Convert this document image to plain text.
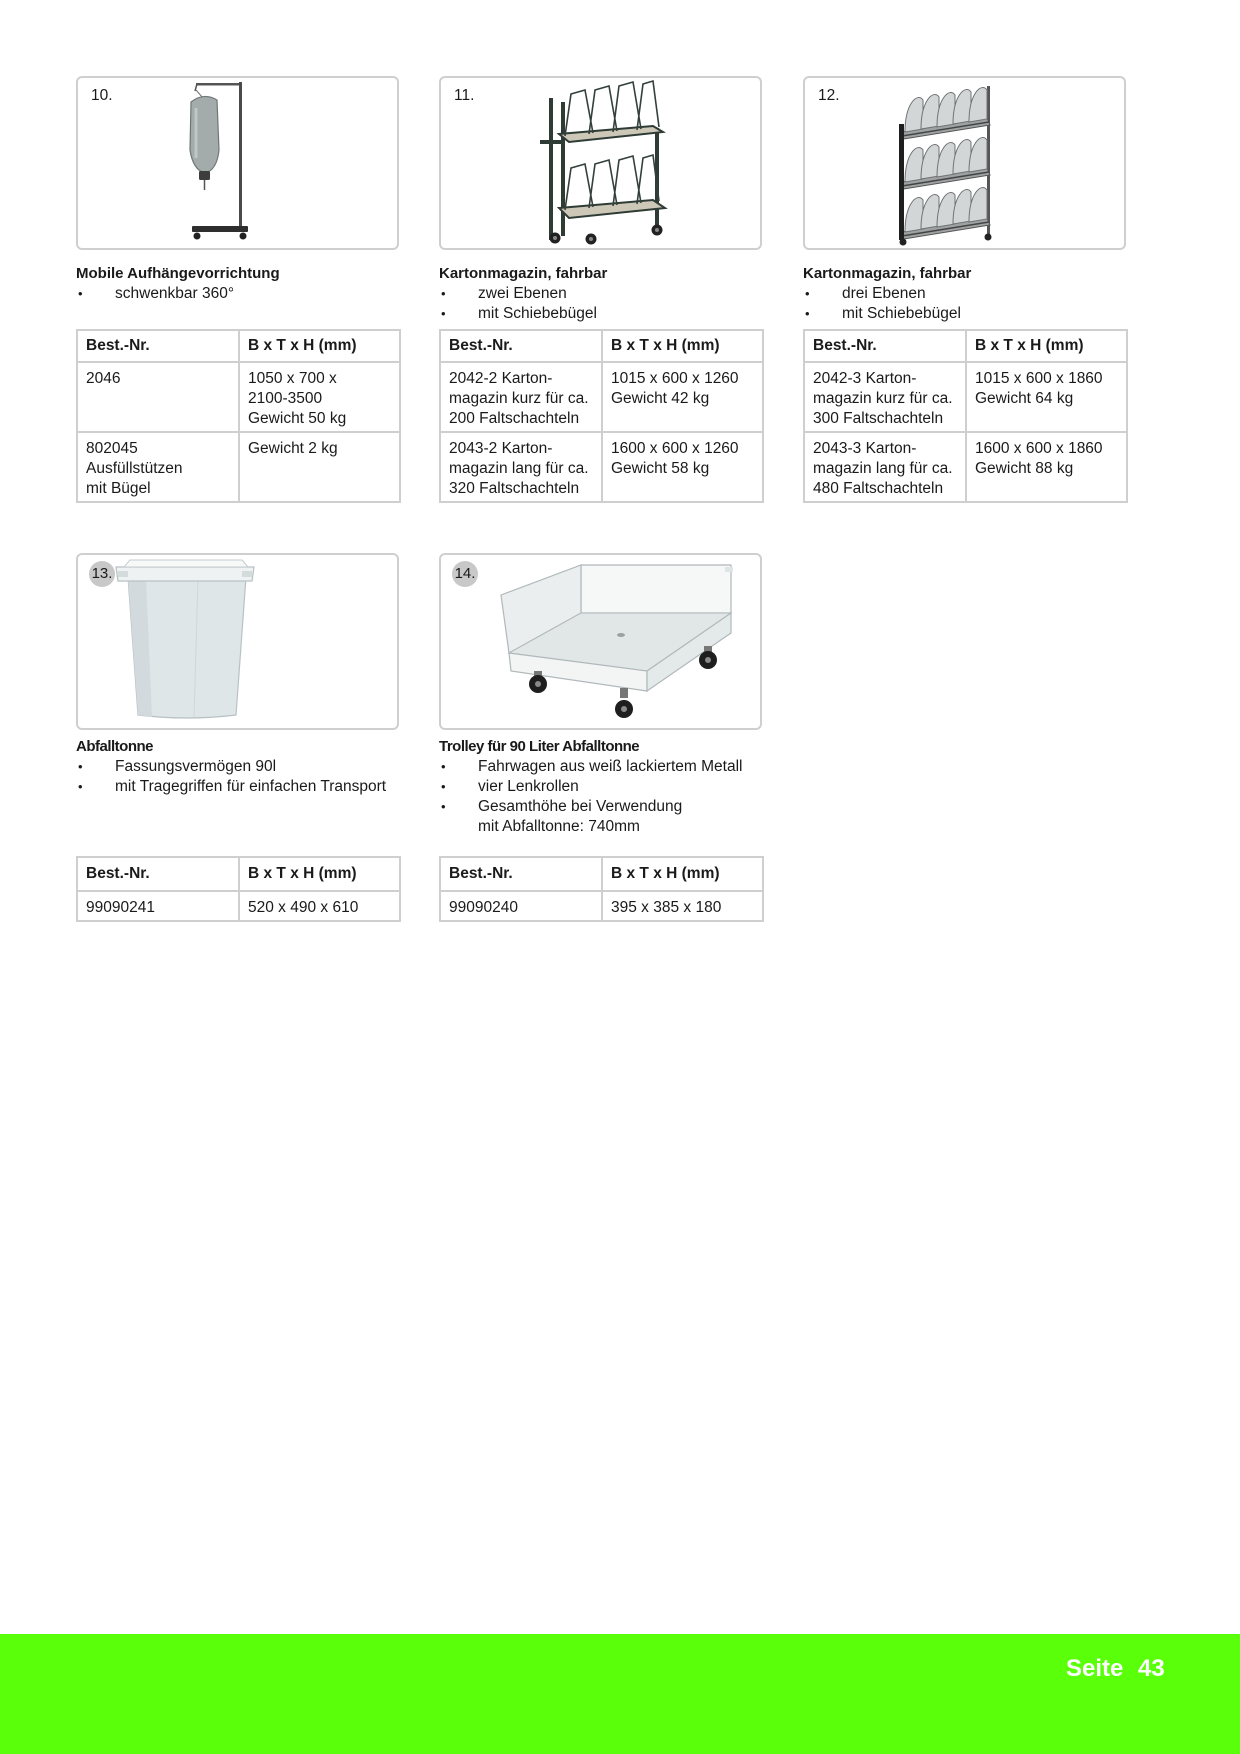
10.
Mobile Aufhängevorrichtung
• schwenkbar 360°
Best.-Nr.	B x T x H (mm)
2046	1050 x 700 x
2100-3500
Gewicht 50 kg
802045
Ausfüllstützen
mit Bügel	Gewicht 2 kg
11.
Kartonmagazin, fahrbar
• zwei Ebenen
• mit Schiebebügel
Best.-Nr.	B x T x H (mm)
2042-2 Karton-
magazin kurz für ca.
200 Faltschachteln	1015 x 600 x 1260
Gewicht 42 kg
2043-2 Karton-
magazin lang für ca.
320 Faltschachteln	1600 x 600 x 1260
Gewicht 58 kg
12.
Kartonmagazin, fahrbar
• drei Ebenen
• mit Schiebebügel
Best.-Nr.	B x T x H (mm)
2042-3 Karton-
magazin kurz für ca.
300 Faltschachteln	1015 x 600 x 1860
Gewicht 64 kg
2043-3 Karton-
magazin lang für ca.
480 Faltschachteln	1600 x 600 x 1860
Gewicht 88 kg
13.
Abfalltonne
• Fassungsvermögen 90l
• mit Tragegriffen für einfachen Transport
Best.-Nr.	B x T x H (mm)
99090241	520 x 490 x 610
14.
Trolley für 90 Liter Abfalltonne
• Fahrwagen aus weiß lackiertem Metall
• vier Lenkrollen
• Gesamthöhe bei Verwendung
mit Abfalltonne: 740mm
Best.-Nr.	B x T x H (mm)
99090240	395 x 385 x 180
Seite 43
